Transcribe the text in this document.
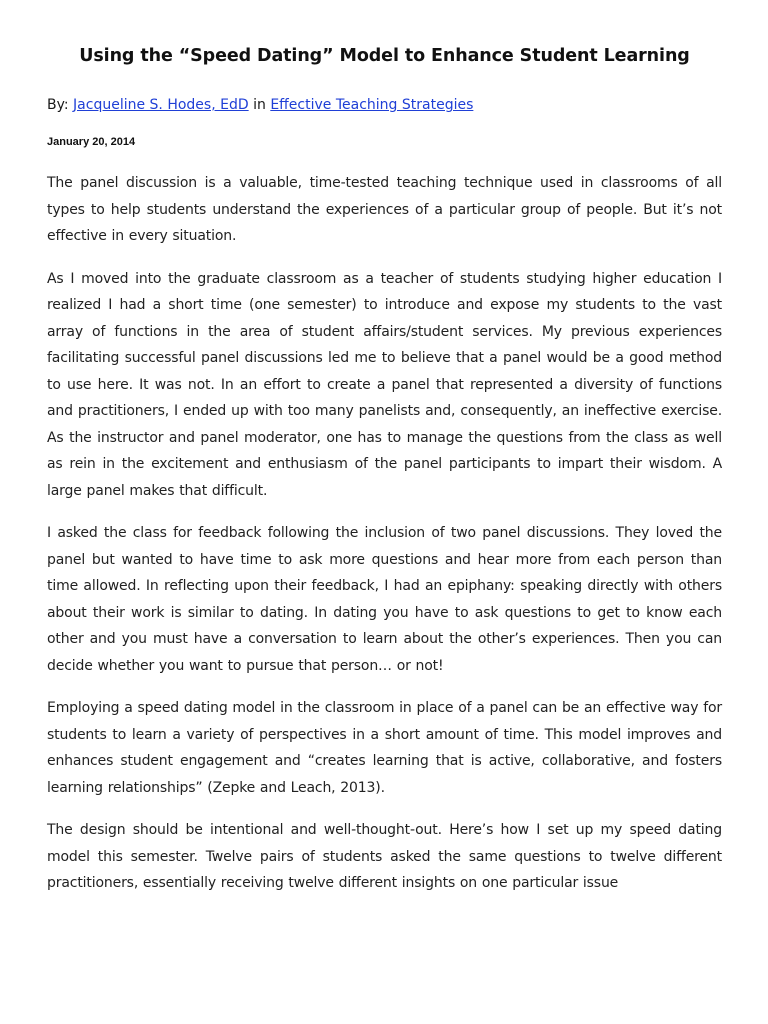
Using the “Speed Dating” Model to Enhance Student Learning

By: Jacqueline S. Hodes, EdD in Effective Teaching Strategies

January 20, 2014

The panel discussion is a valuable, time-tested teaching technique used in classrooms of all types to help students understand the experiences of a particular group of people. But it’s not effective in every situation.

As I moved into the graduate classroom as a teacher of students studying higher education I realized I had a short time (one semester) to introduce and expose my students to the vast array of functions in the area of student affairs/student services. My previous experiences facilitating successful panel discussions led me to believe that a panel would be a good method to use here. It was not. In an effort to create a panel that represented a diversity of functions and practitioners, I ended up with too many panelists and, consequently, an ineffective exercise. As the instructor and panel moderator, one has to manage the questions from the class as well as rein in the excitement and enthusiasm of the panel participants to impart their wisdom. A large panel makes that difficult.

I asked the class for feedback following the inclusion of two panel discussions. They loved the panel but wanted to have time to ask more questions and hear more from each person than time allowed. In reflecting upon their feedback, I had an epiphany: speaking directly with others about their work is similar to dating. In dating you have to ask questions to get to know each other and you must have a conversation to learn about the other’s experiences. Then you can decide whether you want to pursue that person… or not!

Employing a speed dating model in the classroom in place of a panel can be an effective way for students to learn a variety of perspectives in a short amount of time. This model improves and enhances student engagement and “creates learning that is active, collaborative, and fosters learning relationships” (Zepke and Leach, 2013).

The design should be intentional and well-thought-out. Here’s how I set up my speed dating model this semester. Twelve pairs of students asked the same questions to twelve different practitioners, essentially receiving twelve different insights on one particular issue
